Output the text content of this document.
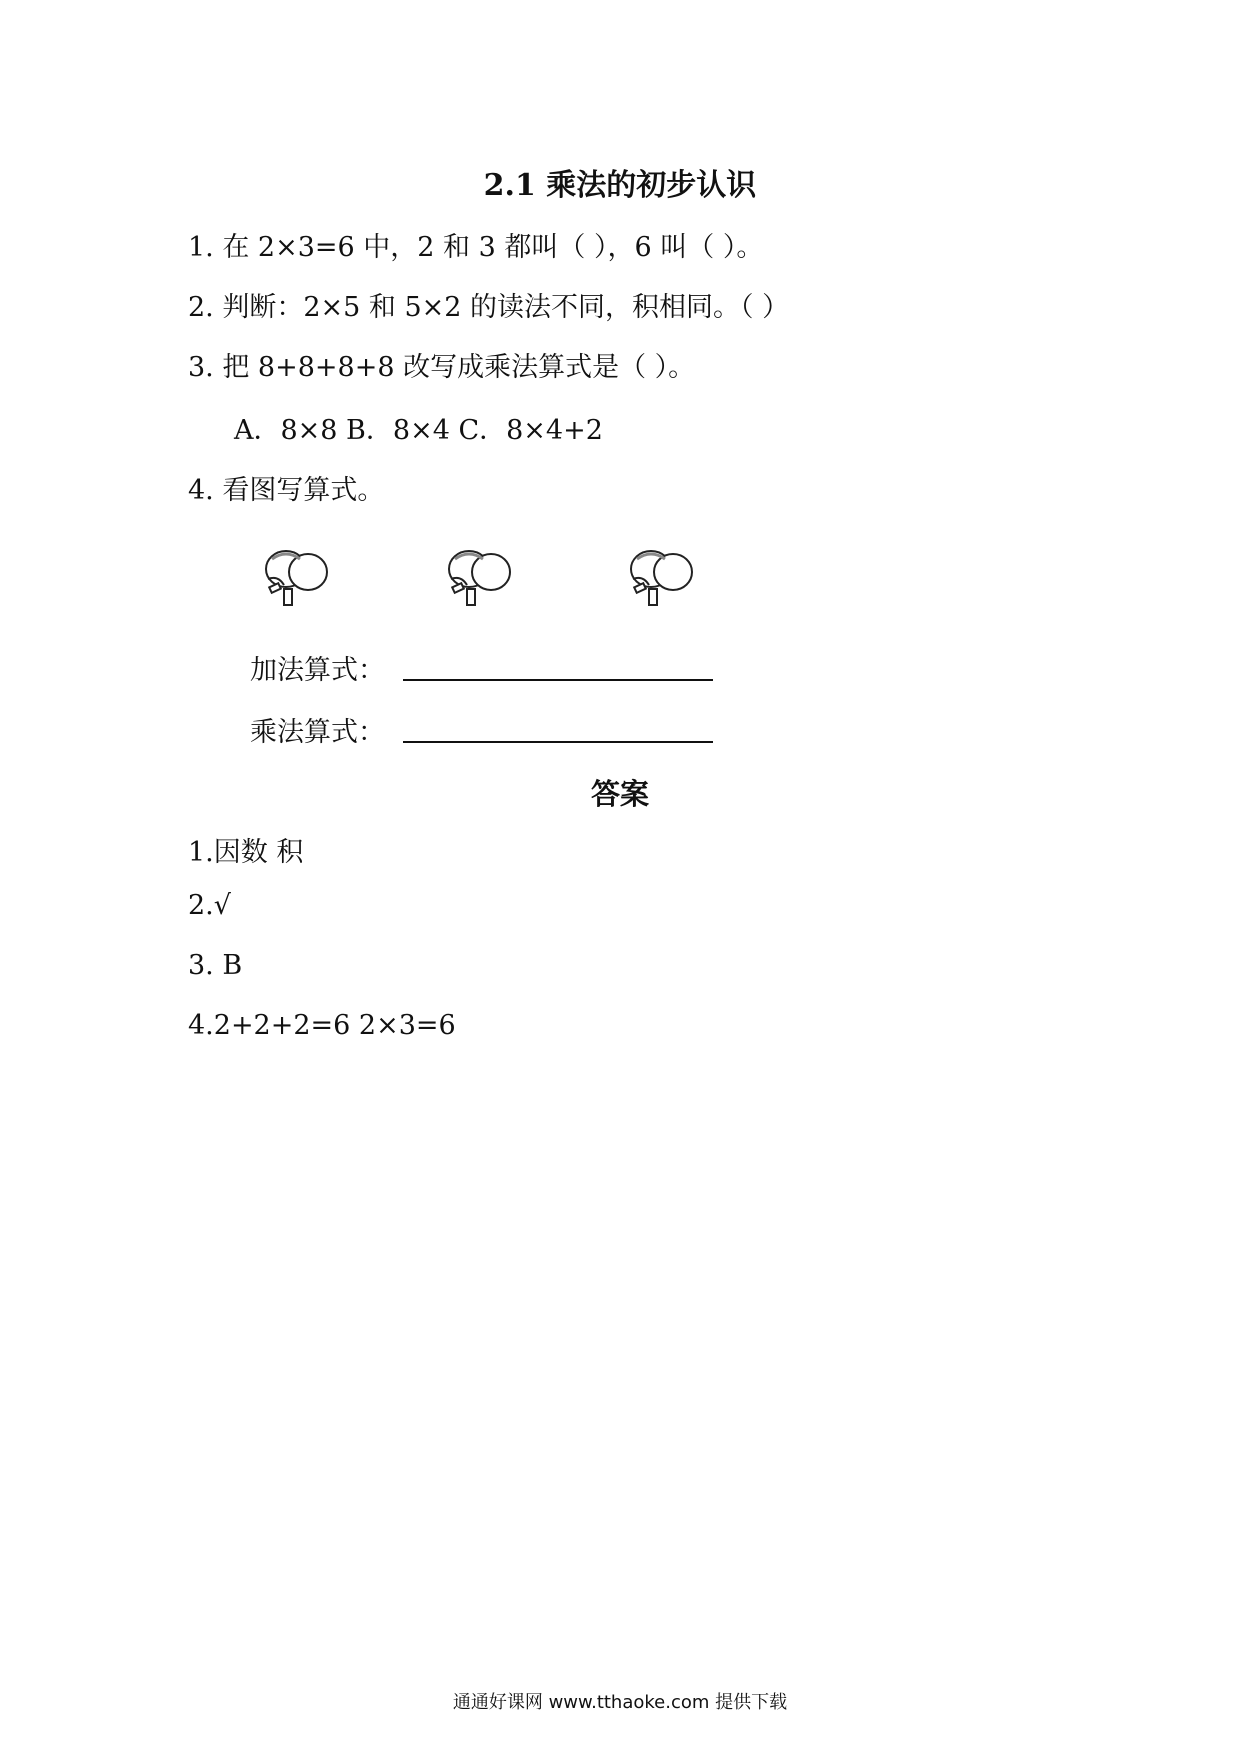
2.1 乘法的初步认识
1. 在 2×3=6 中，2 和 3 都叫（ ），6 叫（ ）。
2. 判断：2×5 和 5×2 的读法不同，积相同。（ ）
3. 把 8+8+8+8 改写成乘法算式是（ ）。
A．8×8 B．8×4 C．8×4+2
4. 看图写算式。
加法算式：
乘法算式：
答案
1.因数 积
2.√
3. B
4.2+2+2=6 2×3=6
通通好课网 www.tthaoke.com 提供下载
